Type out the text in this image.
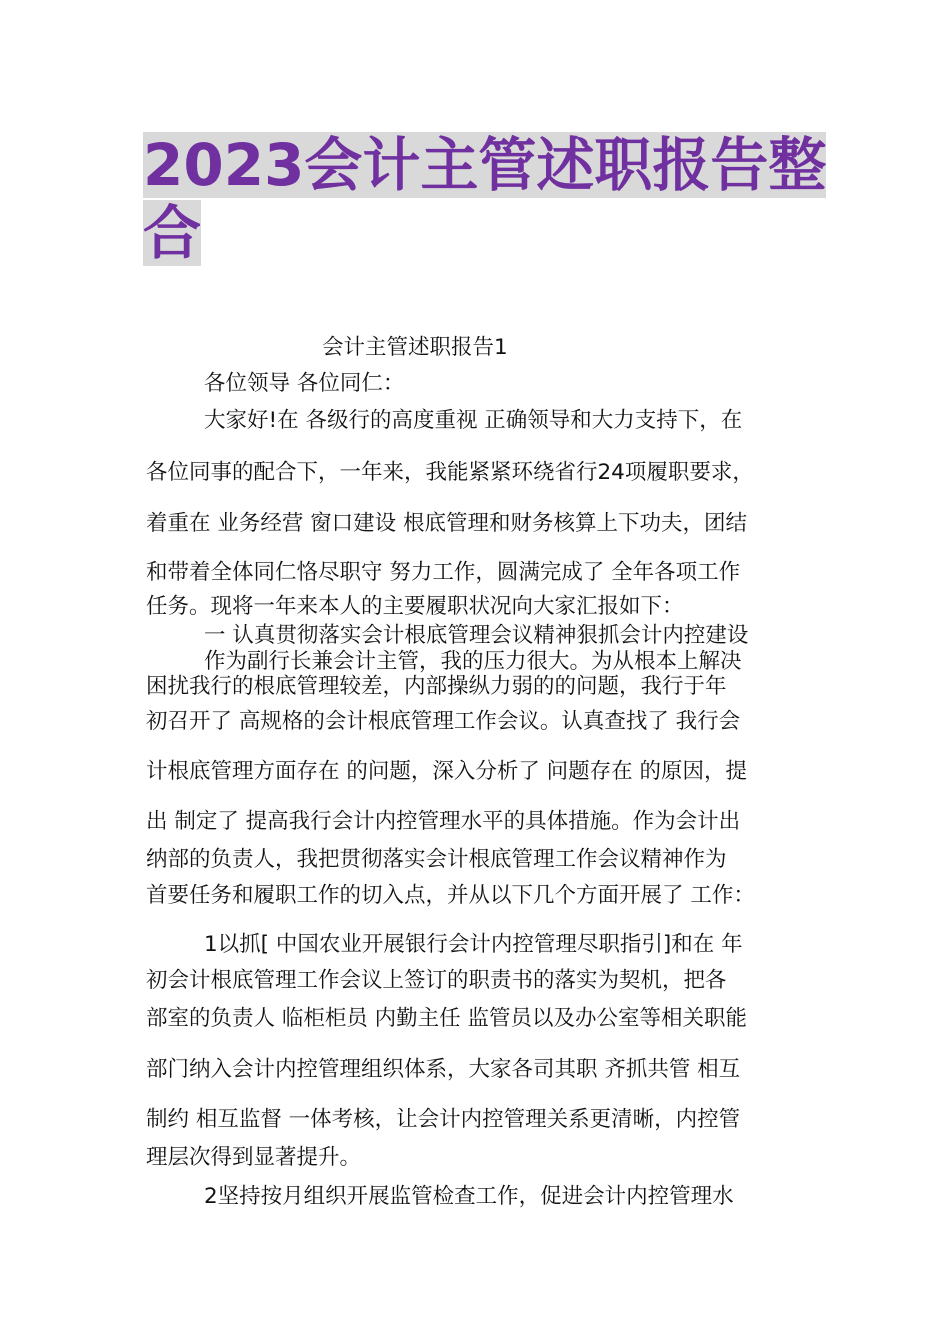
2023会计主管述职报告整
合
会计主管述职报告1
各位领导 各位同仁：
大家好!在 各级行的高度重视 正确领导和大力支持下，在
各位同事的配合下，一年来，我能紧紧环绕省行24项履职要求，
着重在 业务经营 窗口建设 根底管理和财务核算上下功夫，团结
和带着全体同仁恪尽职守 努力工作，圆满完成了 全年各项工作
任务。现将一年来本人的主要履职状况向大家汇报如下：
一 认真贯彻落实会计根底管理会议精神狠抓会计内控建设
作为副行长兼会计主管，我的压力很大。为从根本上解决
困扰我行的根底管理较差，内部操纵力弱的的问题，我行于年
初召开了 高规格的会计根底管理工作会议。认真查找了 我行会
计根底管理方面存在 的问题，深入分析了 问题存在 的原因，提
出 制定了 提高我行会计内控管理水平的具体措施。作为会计出
纳部的负责人，我把贯彻落实会计根底管理工作会议精神作为
首要任务和履职工作的切入点，并从以下几个方面开展了 工作：
1以抓[ 中国农业开展银行会计内控管理尽职指引]和在 年
初会计根底管理工作会议上签订的职责书的落实为契机，把各
部室的负责人 临柜柜员 内勤主任 监管员以及办公室等相关职能
部门纳入会计内控管理组织体系，大家各司其职 齐抓共管 相互
制约 相互监督 一体考核，让会计内控管理关系更清晰，内控管
理层次得到显著提升。
2坚持按月组织开展监管检查工作，促进会计内控管理水
